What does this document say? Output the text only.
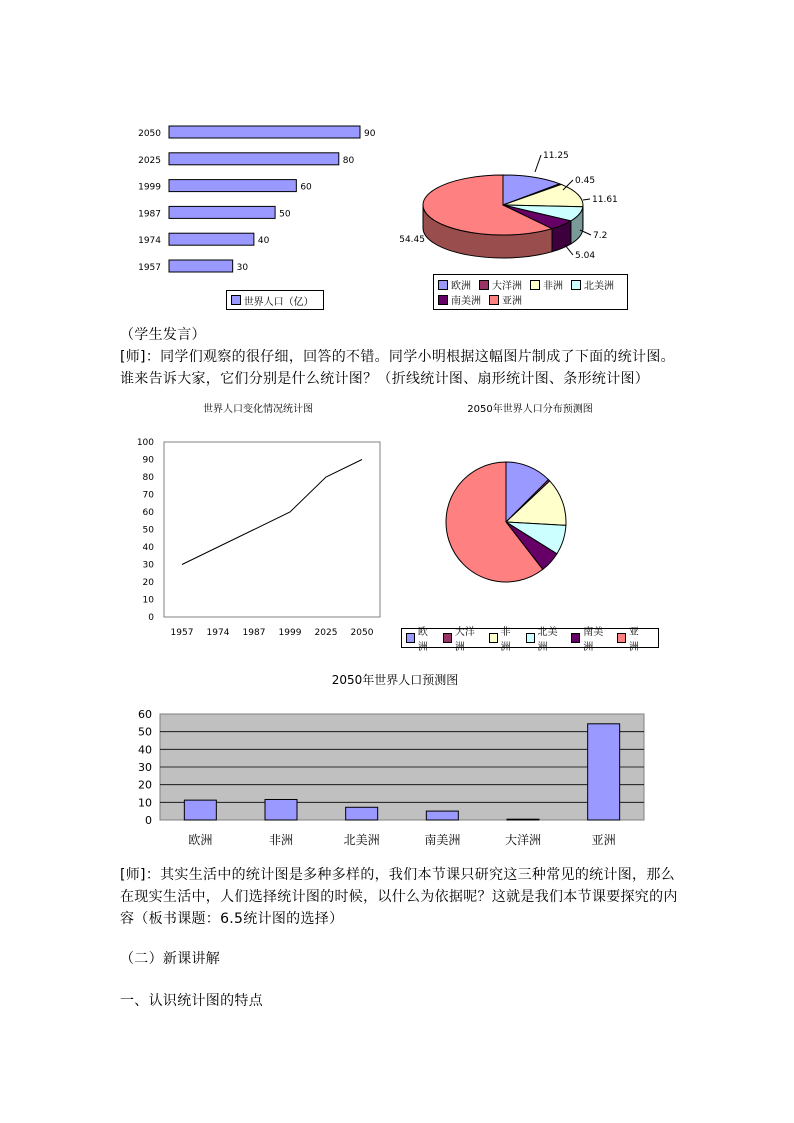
2050	90
2025	80
1999	60
1987	50
1974	40
1957	30
世界人口（亿）
11.25
0.45
11.61
7.2
5.04
54.45
欧洲 大洋洲 非洲 北美洲
南美洲 亚洲
（学生发言）
[师]：同学们观察的很仔细，回答的不错。同学小明根据这幅图片制成了下面的统计图。谁来告诉大家，它们分别是什么统计图？（折线统计图、扇形统计图、条形统计图）
世界人口变化情况统计图
0
10
20
30
40
50
60
70
80
90
100
1957 1974 1987 1999 2025 2050
2050年世界人口分布预测图
欧洲
大洋洲
非洲
北美洲
南美洲
亚洲
2050年世界人口预测图
0
10
20
30
40
50
60
欧洲	非洲	北美洲	南美洲	大洋洲	亚洲
[师]：其实生活中的统计图是多种多样的，我们本节课只研究这三种常见的统计图，那么在现实生活中，人们选择统计图的时候，以什么为依据呢？这就是我们本节课要探究的内容（板书课题：6.5统计图的选择）
（二）新课讲解
一、认识统计图的特点
